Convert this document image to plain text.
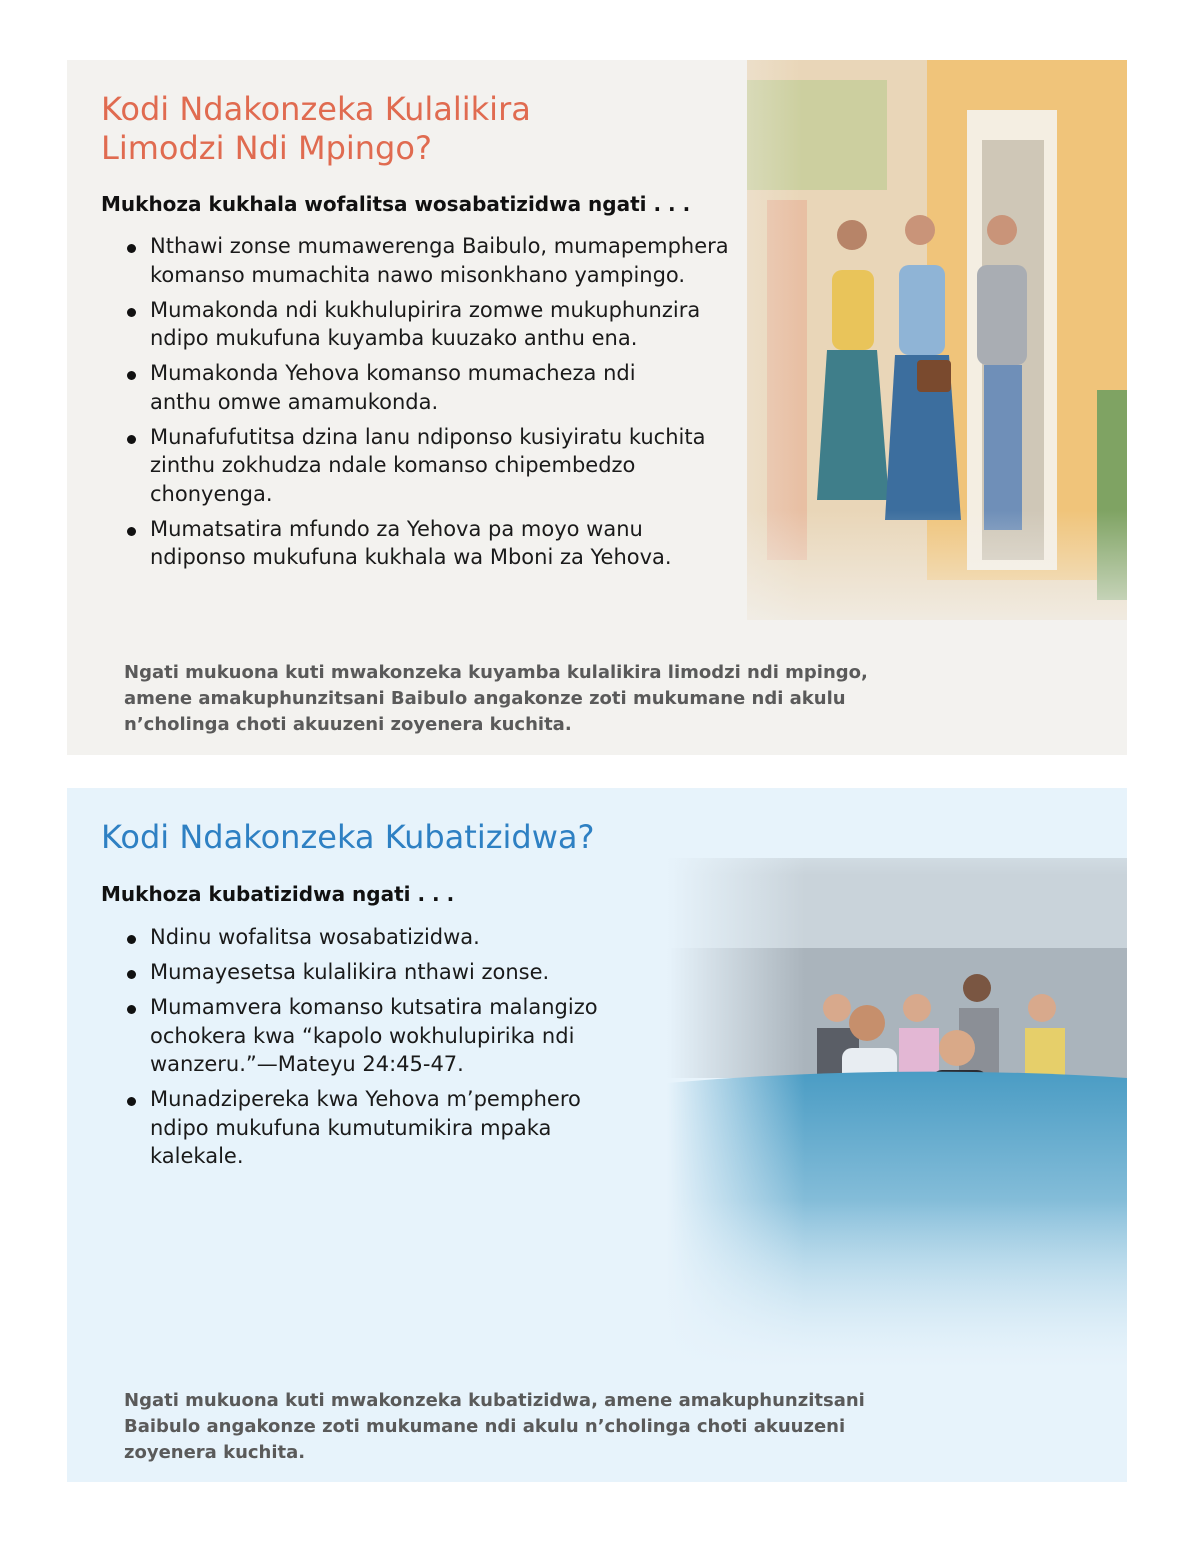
Kodi Ndakonzeka Kulalikira
Limodzi Ndi Mpingo?
Mukhoza kukhala wofalitsa wosabatizidwa ngati . . .
Nthawi zonse mumawerenga Baibulo, mumapemphera
komanso mumachita nawo misonkhano yampingo.
Mumakonda ndi kukhulupirira zomwe mukuphunzira
ndipo mukufuna kuyamba kuuzako anthu ena.
Mumakonda Yehova komanso mumacheza ndi
anthu omwe amamukonda.
Munafufutitsa dzina lanu ndiponso kusiyiratu kuchita
zinthu zokhudza ndale komanso chipembedzo
chonyenga.
Mumatsatira mfundo za Yehova pa moyo wanu
ndiponso mukufuna kukhala wa Mboni za Yehova.
Ngati mukuona kuti mwakonzeka kuyamba kulalikira limodzi ndi mpingo,
amene amakuphunzitsani Baibulo angakonze zoti mukumane ndi akulu
n’cholinga choti akuuzeni zoyenera kuchita.
Kodi Ndakonzeka Kubatizidwa?
Mukhoza kubatizidwa ngati . . .
Ndinu wofalitsa wosabatizidwa.
Mumayesetsa kulalikira nthawi zonse.
Mumamvera komanso kutsatira malangizo
ochokera kwa “kapolo wokhulupirika ndi
wanzeru.”—Mateyu 24:45-47.
Munadzipereka kwa Yehova m’pemphero
ndipo mukufuna kumutumikira mpaka
kalekale.
Ngati mukuona kuti mwakonzeka kubatizidwa, amene amakuphunzitsani
Baibulo angakonze zoti mukumane ndi akulu n’cholinga choti akuuzeni
zoyenera kuchita.
